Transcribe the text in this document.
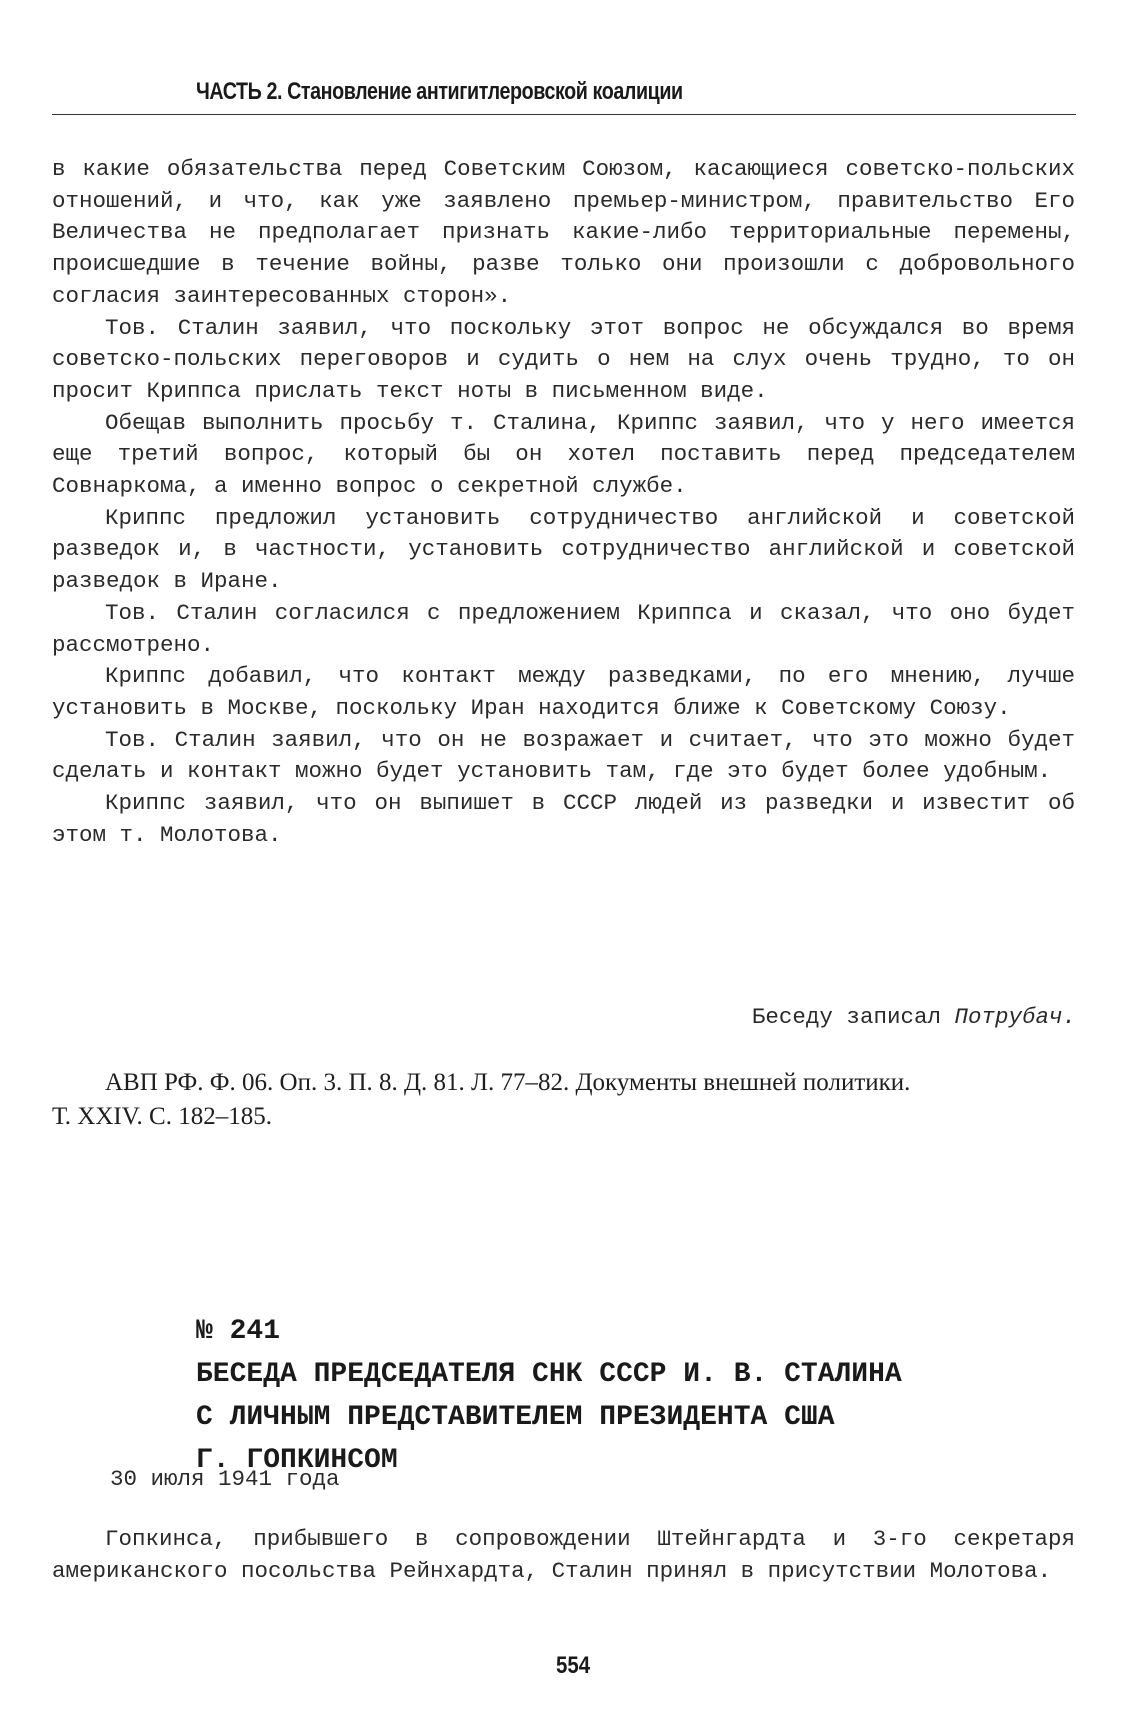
ЧАСТЬ 2. Становление антигитлеровской коалиции

в какие обязательства перед Советским Союзом, касающиеся советско-польских отношений, и что, как уже заявлено премьер-министром, правительство Его Величества не предполагает признать какие-либо территориальные перемены, происшедшие в течение войны, разве только они произошли с добровольного согласия заинтересованных сторон».

Тов. Сталин заявил, что поскольку этот вопрос не обсуждался во время советско-польских переговоров и судить о нем на слух очень трудно, то он просит Криппса прислать текст ноты в письменном виде.

Обещав выполнить просьбу т. Сталина, Криппс заявил, что у него имеется еще третий вопрос, который бы он хотел поставить перед председателем Совнаркома, а именно вопрос о секретной службе.

Криппс предложил установить сотрудничество английской и советской разведок и, в частности, установить сотрудничество английской и советской разведок в Иране.

Тов. Сталин согласился с предложением Криппса и сказал, что оно будет рассмотрено.

Криппс добавил, что контакт между разведками, по его мнению, лучше установить в Москве, поскольку Иран находится ближе к Советскому Союзу.

Тов. Сталин заявил, что он не возражает и считает, что это можно будет сделать и контакт можно будет установить там, где это будет более удобным.

Криппс заявил, что он выпишет в СССР людей из разведки и известит об этом т. Молотова.

Беседу записал Потрубач.

АВП РФ. Ф. 06. Оп. 3. П. 8. Д. 81. Л. 77–82. Документы внешней политики.

Т. XXIV. С. 182–185.
№ 241
БЕСЕДА ПРЕДСЕДАТЕЛЯ СНК СССР И. В. СТАЛИНА
С ЛИЧНЫМ ПРЕДСТАВИТЕЛЕМ ПРЕЗИДЕНТА США
Г. ГОПКИНСОМ
30 июля 1941 года

Гопкинса, прибывшего в сопровождении Штейнгардта и 3-го секретаря американского посольства Рейнхардта, Сталин принял в присутствии Молотова.

554
